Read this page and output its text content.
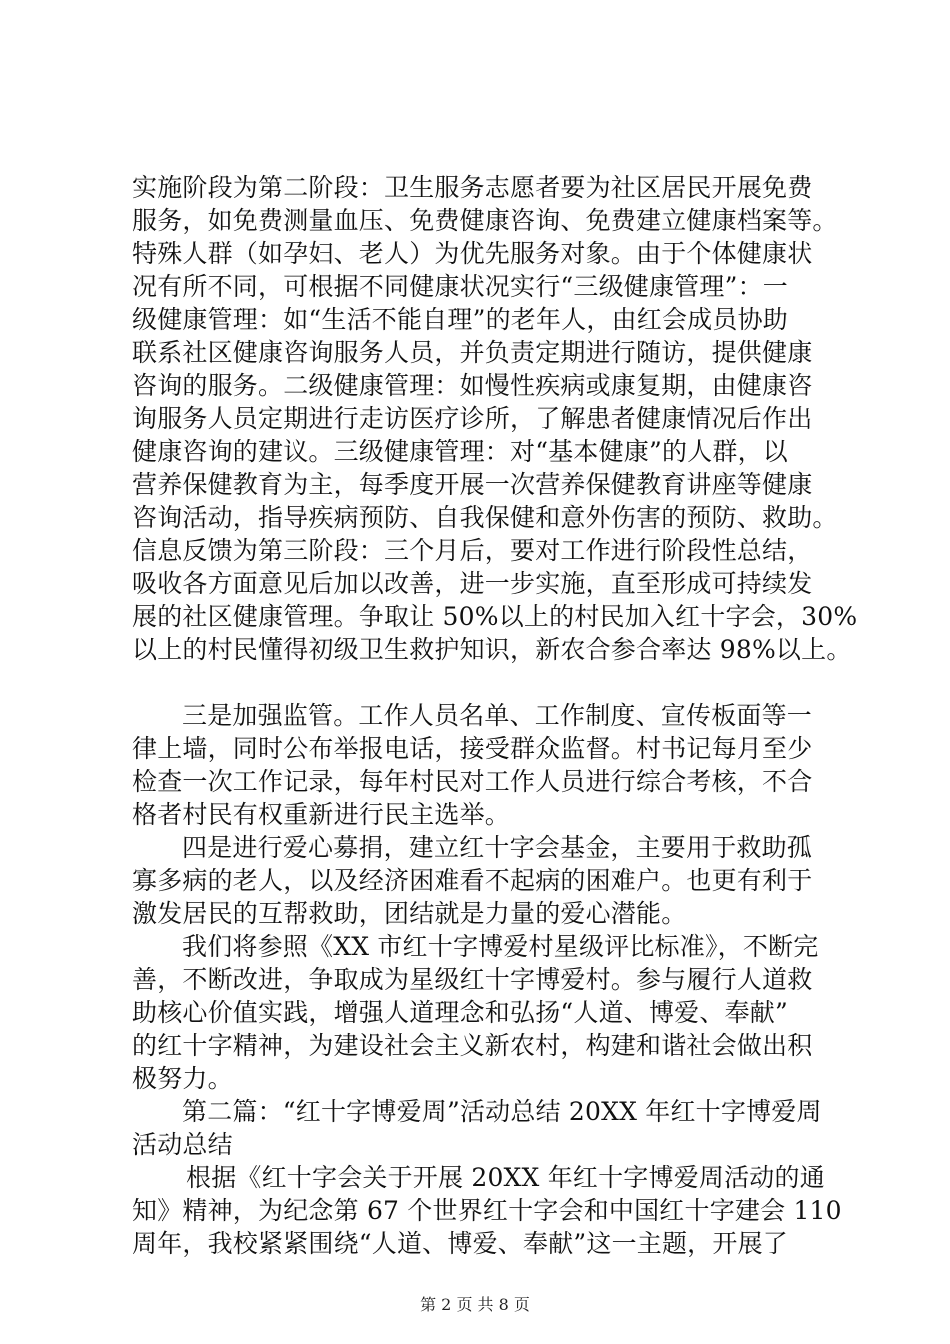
实施阶段为第二阶段：卫生服务志愿者要为社区居民开展免费
服务，如免费测量血压、免费健康咨询、免费建立健康档案等。
特殊人群（如孕妇、老人）为优先服务对象。由于个体健康状
况有所不同，可根据不同健康状况实行“三级健康管理”：一
级健康管理：如“生活不能自理”的老年人，由红会成员协助
联系社区健康咨询服务人员，并负责定期进行随访，提供健康
咨询的服务。二级健康管理：如慢性疾病或康复期，由健康咨
询服务人员定期进行走访医疗诊所，了解患者健康情况后作出
健康咨询的建议。三级健康管理：对“基本健康”的人群，以
营养保健教育为主，每季度开展一次营养保健教育讲座等健康
咨询活动，指导疾病预防、自我保健和意外伤害的预防、救助。
信息反馈为第三阶段：三个月后，要对工作进行阶段性总结，
吸收各方面意见后加以改善，进一步实施，直至形成可持续发
展的社区健康管理。争取让 50%以上的村民加入红十字会，30%
以上的村民懂得初级卫生救护知识，新农合参合率达 98%以上。
三是加强监管。工作人员名单、工作制度、宣传板面等一
律上墙，同时公布举报电话，接受群众监督。村书记每月至少
检查一次工作记录，每年村民对工作人员进行综合考核，不合
格者村民有权重新进行民主选举。
四是进行爱心募捐，建立红十字会基金，主要用于救助孤
寡多病的老人，以及经济困难看不起病的困难户。也更有利于
激发居民的互帮救助，团结就是力量的爱心潜能。
我们将参照《XX 市红十字博爱村星级评比标准》，不断完
善，不断改进，争取成为星级红十字博爱村。参与履行人道救
助核心价值实践，增强人道理念和弘扬“人道、博爱、奉献”
的红十字精神，为建设社会主义新农村，构建和谐社会做出积
极努力。
第二篇：“红十字博爱周”活动总结 20XX 年红十字博爱周
活动总结
根据《红十字会关于开展 20XX 年红十字博爱周活动的通
知》精神，为纪念第 67 个世界红十字会和中国红十字建会 110
周年，我校紧紧围绕“人道、博爱、奉献”这一主题，开展了
第 2 页 共 8 页
